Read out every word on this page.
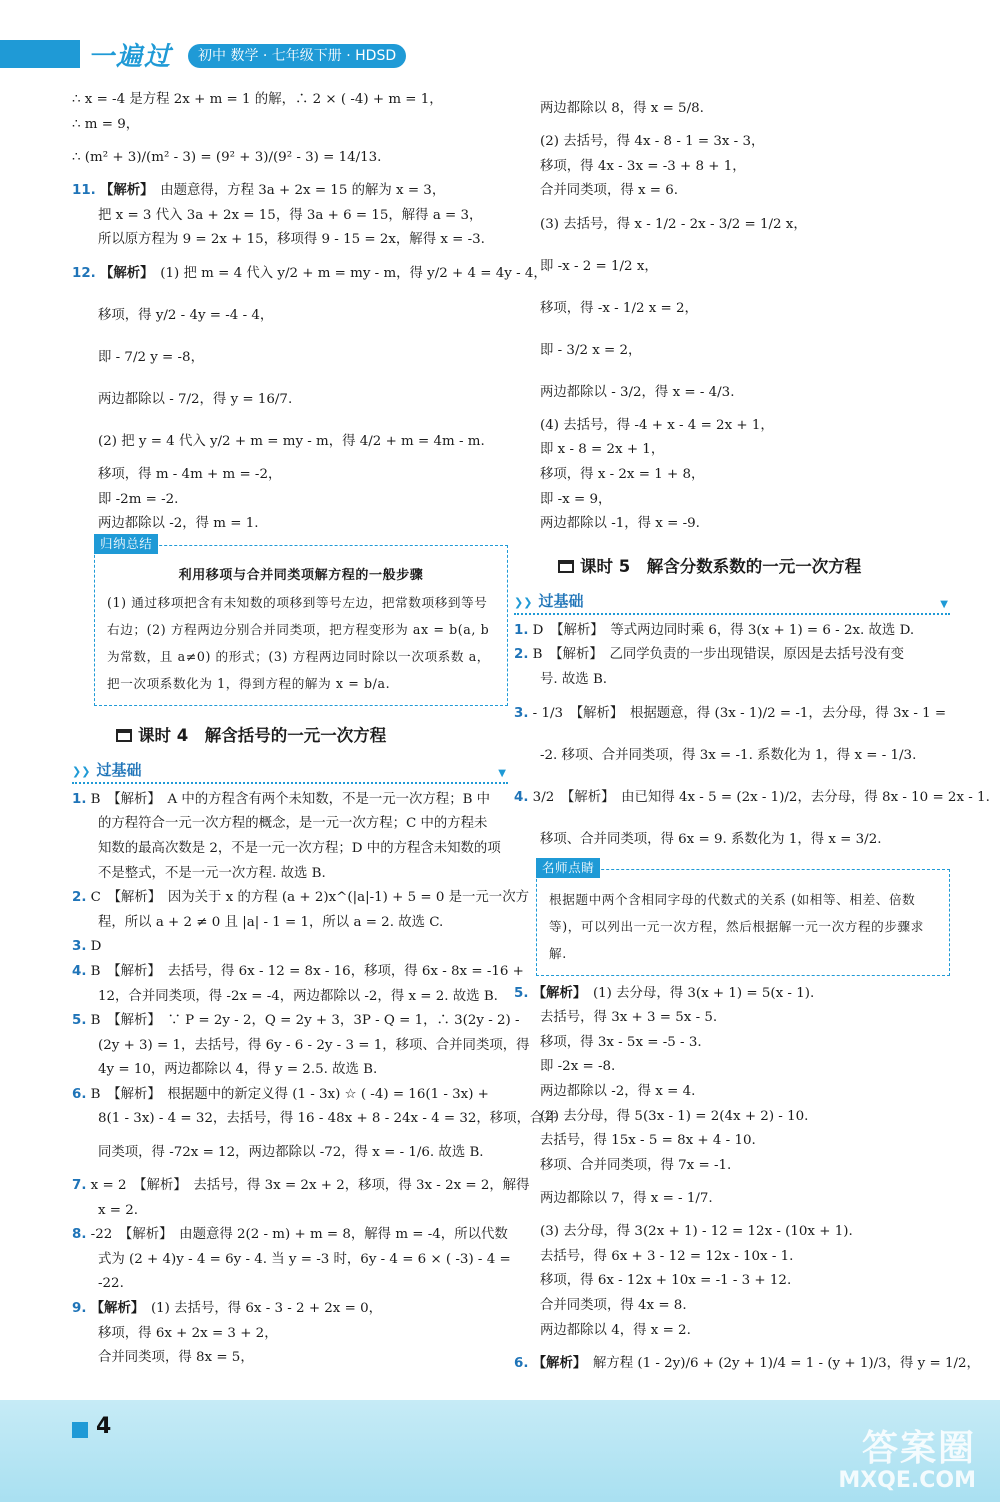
一遍过	初中 数学 · 七年级下册 · HDSD
∴ x = -4 是方程 2x + m = 1 的解，∴ 2 × ( -4) + m = 1，
∴ m = 9，
∴ (m² + 3)/(m² - 3) = (9² + 3)/(9² - 3) = 14/13.
11. 【解析】　 由题意得，方程 3a + 2x = 15 的解为 x = 3，
把 x = 3 代入 3a + 2x = 15，得 3a + 6 = 15，解得 a = 3，
所以原方程为 9 = 2x + 15，移项得 9 - 15 = 2x，解得 x = -3.
12. 【解析】　 (1) 把 m = 4 代入 y/2 + m = my - m，得 y/2 + 4 = 4y - 4，
移项，得 y/2 - 4y = -4 - 4，
即 - 7/2 y = -8，
两边都除以 - 7/2，得 y = 16/7.
(2) 把 y = 4 代入 y/2 + m = my - m，得 4/2 + m = 4m - m.
移项，得 m - 4m + m = -2，
即 -2m = -2.
两边都除以 -2，得 m = 1.
归纳总结
利用移项与合并同类项解方程的一般步骤
(1) 通过移项把含有未知数的项移到等号左边，把常数项移到等号右边；(2) 方程两边分别合并同类项，把方程变形为 ax = b(a, b 为常数，且 a≠0) 的形式；(3) 方程两边同时除以一次项系数 a，把一次项系数化为 1，得到方程的解为 x = b/a.
课时 4　解含括号的一元一次方程
❯❯ 过基础	▼
1. B　【解析】　A 中的方程含有两个未知数，不是一元一次方程；B 中
的方程符合一元一次方程的概念，是一元一次方程；C 中的方程未
知数的最高次数是 2，不是一元一次方程；D 中的方程含未知数的项
不是整式，不是一元一次方程. 故选 B.
2. C　【解析】　因为关于 x 的方程 (a + 2)x^(|a|-1) + 5 = 0 是一元一次方
程，所以 a + 2 ≠ 0 且 |a| - 1 = 1，所以 a = 2. 故选 C.
3. D
4. B　【解析】　去括号，得 6x - 12 = 8x - 16，移项，得 6x - 8x = -16 +
12，合并同类项，得 -2x = -4，两边都除以 -2，得 x = 2. 故选 B.
5. B　【解析】　∵ P = 2y - 2，Q = 2y + 3，3P - Q = 1，∴ 3(2y - 2) -
(2y + 3) = 1，去括号，得 6y - 6 - 2y - 3 = 1，移项、合并同类项，得
4y = 10，两边都除以 4，得 y = 2.5. 故选 B.
6. B　【解析】　根据题中的新定义得 (1 - 3x) ☆ ( -4) = 16(1 - 3x) +
8(1 - 3x) - 4 = 32，去括号，得 16 - 48x + 8 - 24x - 4 = 32，移项，合并
同类项，得 -72x = 12，两边都除以 -72，得 x = - 1/6. 故选 B.
7. x = 2　【解析】　去括号，得 3x = 2x + 2，移项，得 3x - 2x = 2，解得
x = 2.
8. -22　【解析】　由题意得 2(2 - m) + m = 8，解得 m = -4，所以代数
式为 (2 + 4)y - 4 = 6y - 4. 当 y = -3 时，6y - 4 = 6 × ( -3) - 4 =
-22.
9. 【解析】　 (1) 去括号，得 6x - 3 - 2 + 2x = 0，
移项，得 6x + 2x = 3 + 2，
合并同类项，得 8x = 5，
两边都除以 8，得 x = 5/8.
(2) 去括号，得 4x - 8 - 1 = 3x - 3，
移项，得 4x - 3x = -3 + 8 + 1，
合并同类项，得 x = 6.
(3) 去括号，得 x - 1/2 - 2x - 3/2 = 1/2 x，
即 -x - 2 = 1/2 x，
移项，得 -x - 1/2 x = 2，
即 - 3/2 x = 2，
两边都除以 - 3/2，得 x = - 4/3.
(4) 去括号，得 -4 + x - 4 = 2x + 1，
即 x - 8 = 2x + 1，
移项，得 x - 2x = 1 + 8，
即 -x = 9，
两边都除以 -1，得 x = -9.
课时 5　解含分数系数的一元一次方程
❯❯ 过基础	▼
1. D　【解析】　等式两边同时乘 6，得 3(x + 1) = 6 - 2x. 故选 D.
2. B　【解析】　乙同学负责的一步出现错误，原因是去括号没有变
号. 故选 B.
3. - 1/3　【解析】　根据题意，得 (3x - 1)/2 = -1，去分母，得 3x - 1 =
-2. 移项、合并同类项，得 3x = -1. 系数化为 1，得 x = - 1/3.
4. 3/2　【解析】　由已知得 4x - 5 = (2x - 1)/2，去分母，得 8x - 10 = 2x - 1.
移项、合并同类项，得 6x = 9. 系数化为 1，得 x = 3/2.
名师点睛
根据题中两个含相同字母的代数式的关系 (如相等、相差、倍数等)，可以列出一元一次方程，然后根据解一元一次方程的步骤求解.
5. 【解析】　 (1) 去分母，得 3(x + 1) = 5(x - 1).
去括号，得 3x + 3 = 5x - 5.
移项，得 3x - 5x = -5 - 3.
即 -2x = -8.
两边都除以 -2，得 x = 4.
(2) 去分母，得 5(3x - 1) = 2(4x + 2) - 10.
去括号，得 15x - 5 = 8x + 4 - 10.
移项、合并同类项，得 7x = -1.
两边都除以 7，得 x = - 1/7.
(3) 去分母，得 3(2x + 1) - 12 = 12x - (10x + 1).
去括号，得 6x + 3 - 12 = 12x - 10x - 1.
移项，得 6x - 12x + 10x = -1 - 3 + 12.
合并同类项，得 4x = 8.
两边都除以 4，得 x = 2.
6. 【解析】　 解方程 (1 - 2y)/6 + (2y + 1)/4 = 1 - (y + 1)/3，得 y = 1/2，
4
答案圈
MXQE.COM
